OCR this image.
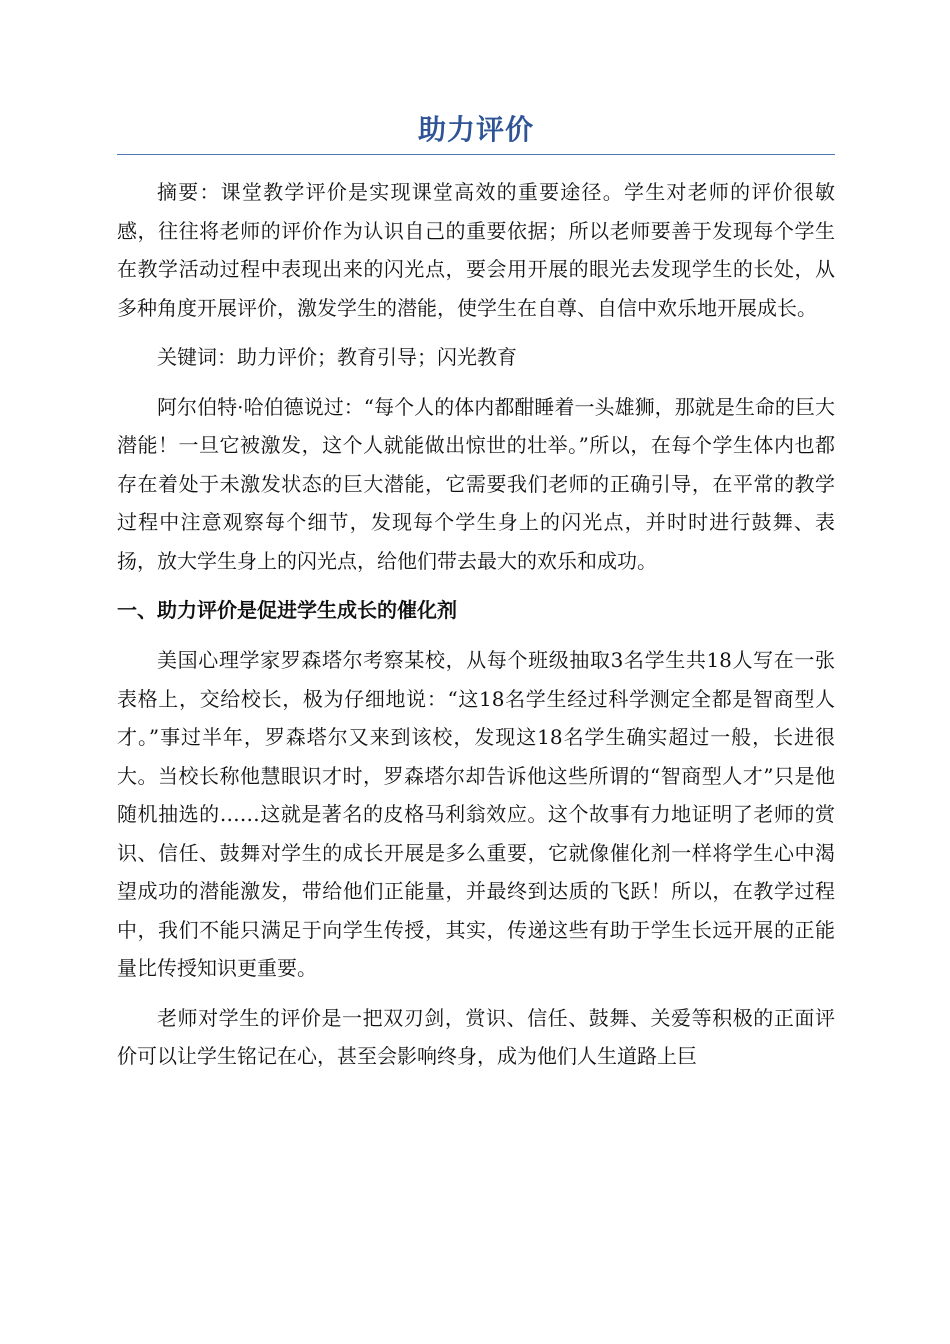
助力评价

摘要：课堂教学评价是实现课堂高效的重要途径。学生对老师的评价很敏感，往往将老师的评价作为认识自己的重要依据；所以老师要善于发现每个学生在教学活动过程中表现出来的闪光点，要会用开展的眼光去发现学生的长处，从多种角度开展评价，激发学生的潜能，使学生在自尊、自信中欢乐地开展成长。

关键词：助力评价；教育引导；闪光教育

阿尔伯特·哈伯德说过：“每个人的体内都酣睡着一头雄狮，那就是生命的巨大潜能！一旦它被激发，这个人就能做出惊世的壮举。”所以，在每个学生体内也都存在着处于未激发状态的巨大潜能，它需要我们老师的正确引导，在平常的教学过程中注意观察每个细节，发现每个学生身上的闪光点，并时时进行鼓舞、表扬，放大学生身上的闪光点，给他们带去最大的欢乐和成功。

一、助力评价是促进学生成长的催化剂

美国心理学家罗森塔尔考察某校，从每个班级抽取3名学生共18人写在一张表格上，交给校长，极为仔细地说：“这18名学生经过科学测定全都是智商型人才。”事过半年，罗森塔尔又来到该校，发现这18名学生确实超过一般，长进很大。当校长称他慧眼识才时，罗森塔尔却告诉他这些所谓的“智商型人才”只是他随机抽选的……这就是著名的皮格马利翁效应。这个故事有力地证明了老师的赏识、信任、鼓舞对学生的成长开展是多么重要，它就像催化剂一样将学生心中渴望成功的潜能激发，带给他们正能量，并最终到达质的飞跃！所以，在教学过程中，我们不能只满足于向学生传授，其实，传递这些有助于学生长远开展的正能量比传授知识更重要。

老师对学生的评价是一把双刃剑，赏识、信任、鼓舞、关爱等积极的正面评价可以让学生铭记在心，甚至会影响终身，成为他们人生道路上巨
